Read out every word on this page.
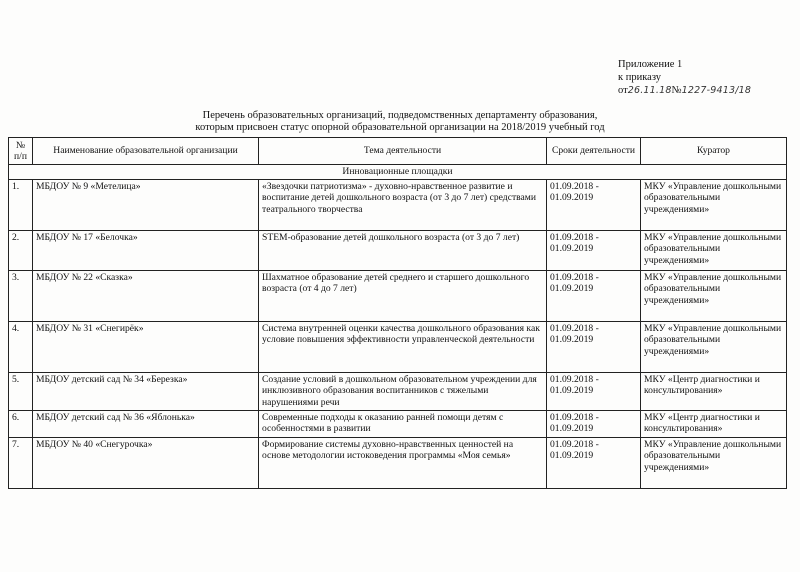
Приложение 1
к приказу
от26.11.18№1227-9413/18
Перечень образовательных организаций, подведомственных департаменту образования,
которым присвоен статус опорной образовательной организации на 2018/2019 учебный год
№ п/п	Наименование образовательной организации	Тема деятельности	Сроки деятельности	Куратор
Инновационные площадки				
1.	МБДОУ № 9 «Метелица»	«Звездочки патриотизма» - духовно-нравственное развитие и воспитание детей дошкольного возраста (от 3 до 7 лет) средствами театрального творчества	01.09.2018 - 01.09.2019	МКУ «Управление дошкольными образовательными учреждениями»
2.	МБДОУ № 17 «Белочка»	STEM-образование детей дошкольного возраста (от 3 до 7 лет)	01.09.2018 - 01.09.2019	МКУ «Управление дошкольными образовательными учреждениями»
3.	МБДОУ № 22 «Сказка»	Шахматное образование детей среднего и старшего дошкольного возраста (от 4 до 7 лет)	01.09.2018 - 01.09.2019	МКУ «Управление дошкольными образовательными учреждениями»
4.	МБДОУ № 31 «Снегирёк»	Система внутренней оценки качества дошкольного образования как условие повышения эффективности управленческой деятельности	01.09.2018 - 01.09.2019	МКУ «Управление дошкольными образовательными учреждениями»
5.	МБДОУ детский сад № 34 «Березка»	Создание условий в дошкольном образовательном учреждении для инклюзивного образования воспитанников с тяжелыми нарушениями речи	01.09.2018 - 01.09.2019	МКУ «Центр диагностики и консультирования»
6.	МБДОУ детский сад № 36 «Яблонька»	Современные подходы к оказанию ранней помощи детям с особенностями в развитии	01.09.2018 - 01.09.2019	МКУ «Центр диагностики и консультирования»
7.	МБДОУ № 40 «Снегурочка»	Формирование системы духовно-нравственных ценностей на основе методологии истоковедения программы «Моя семья»	01.09.2018 - 01.09.2019	МКУ «Управление дошкольными образовательными учреждениями»
